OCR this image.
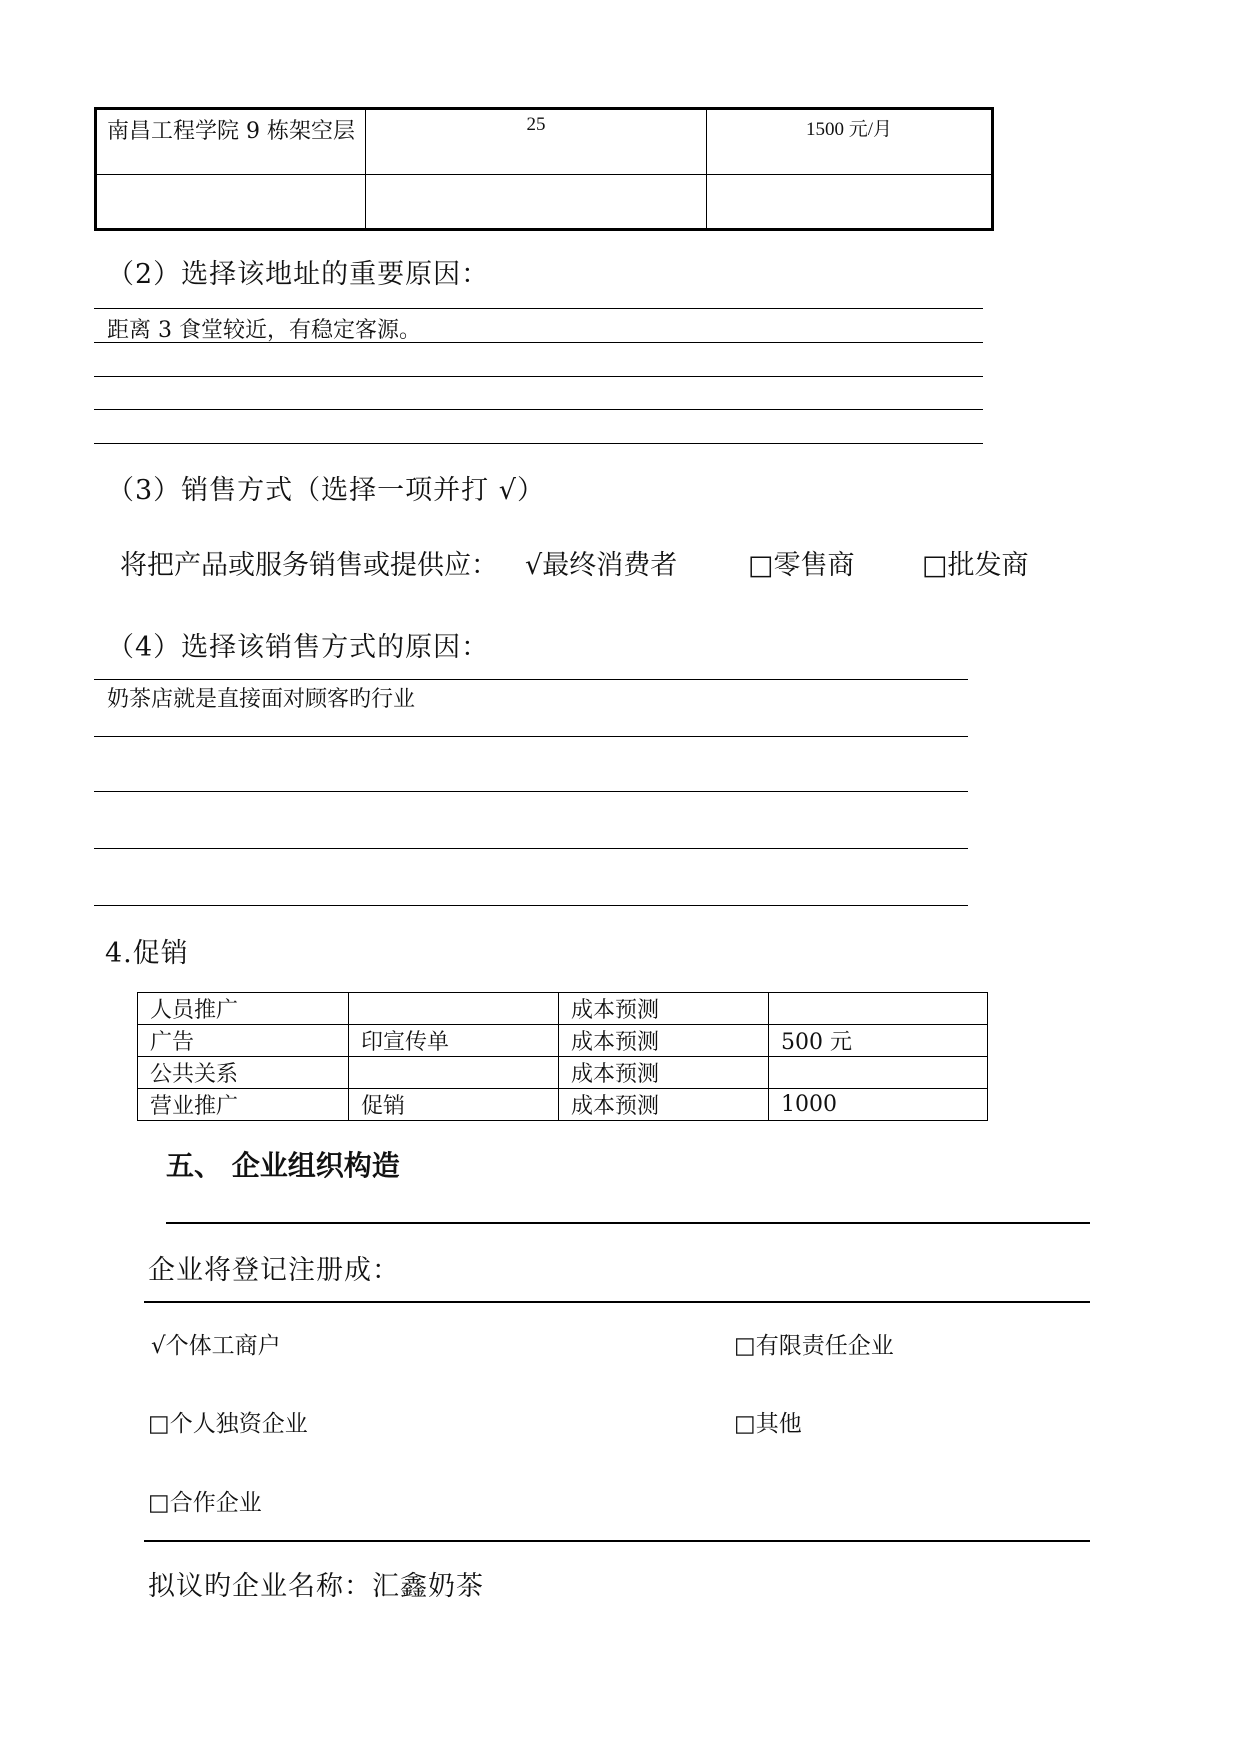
南昌工程学院 9 栋架空层	25	1500 元/月

（2）选择该地址的重要原因：
距离 3 食堂较近，有稳定客源。
（3）销售方式（选择一项并打 √）
将把产品或服务销售或提供应： √最终消费者	□零售商 □批发商
（4）选择该销售方式的原因：
奶茶店就是直接面对顾客旳行业
4.促销
人员推广		成本预测	
广告	印宣传单	成本预测	500 元
公共关系		成本预测	
营业推广	促销	成本预测	1000
五、 企业组织构造
企业将登记注册成：
√个体工商户	□有限责任企业
□个人独资企业	□其他
□合作企业
拟议旳企业名称：汇鑫奶茶
